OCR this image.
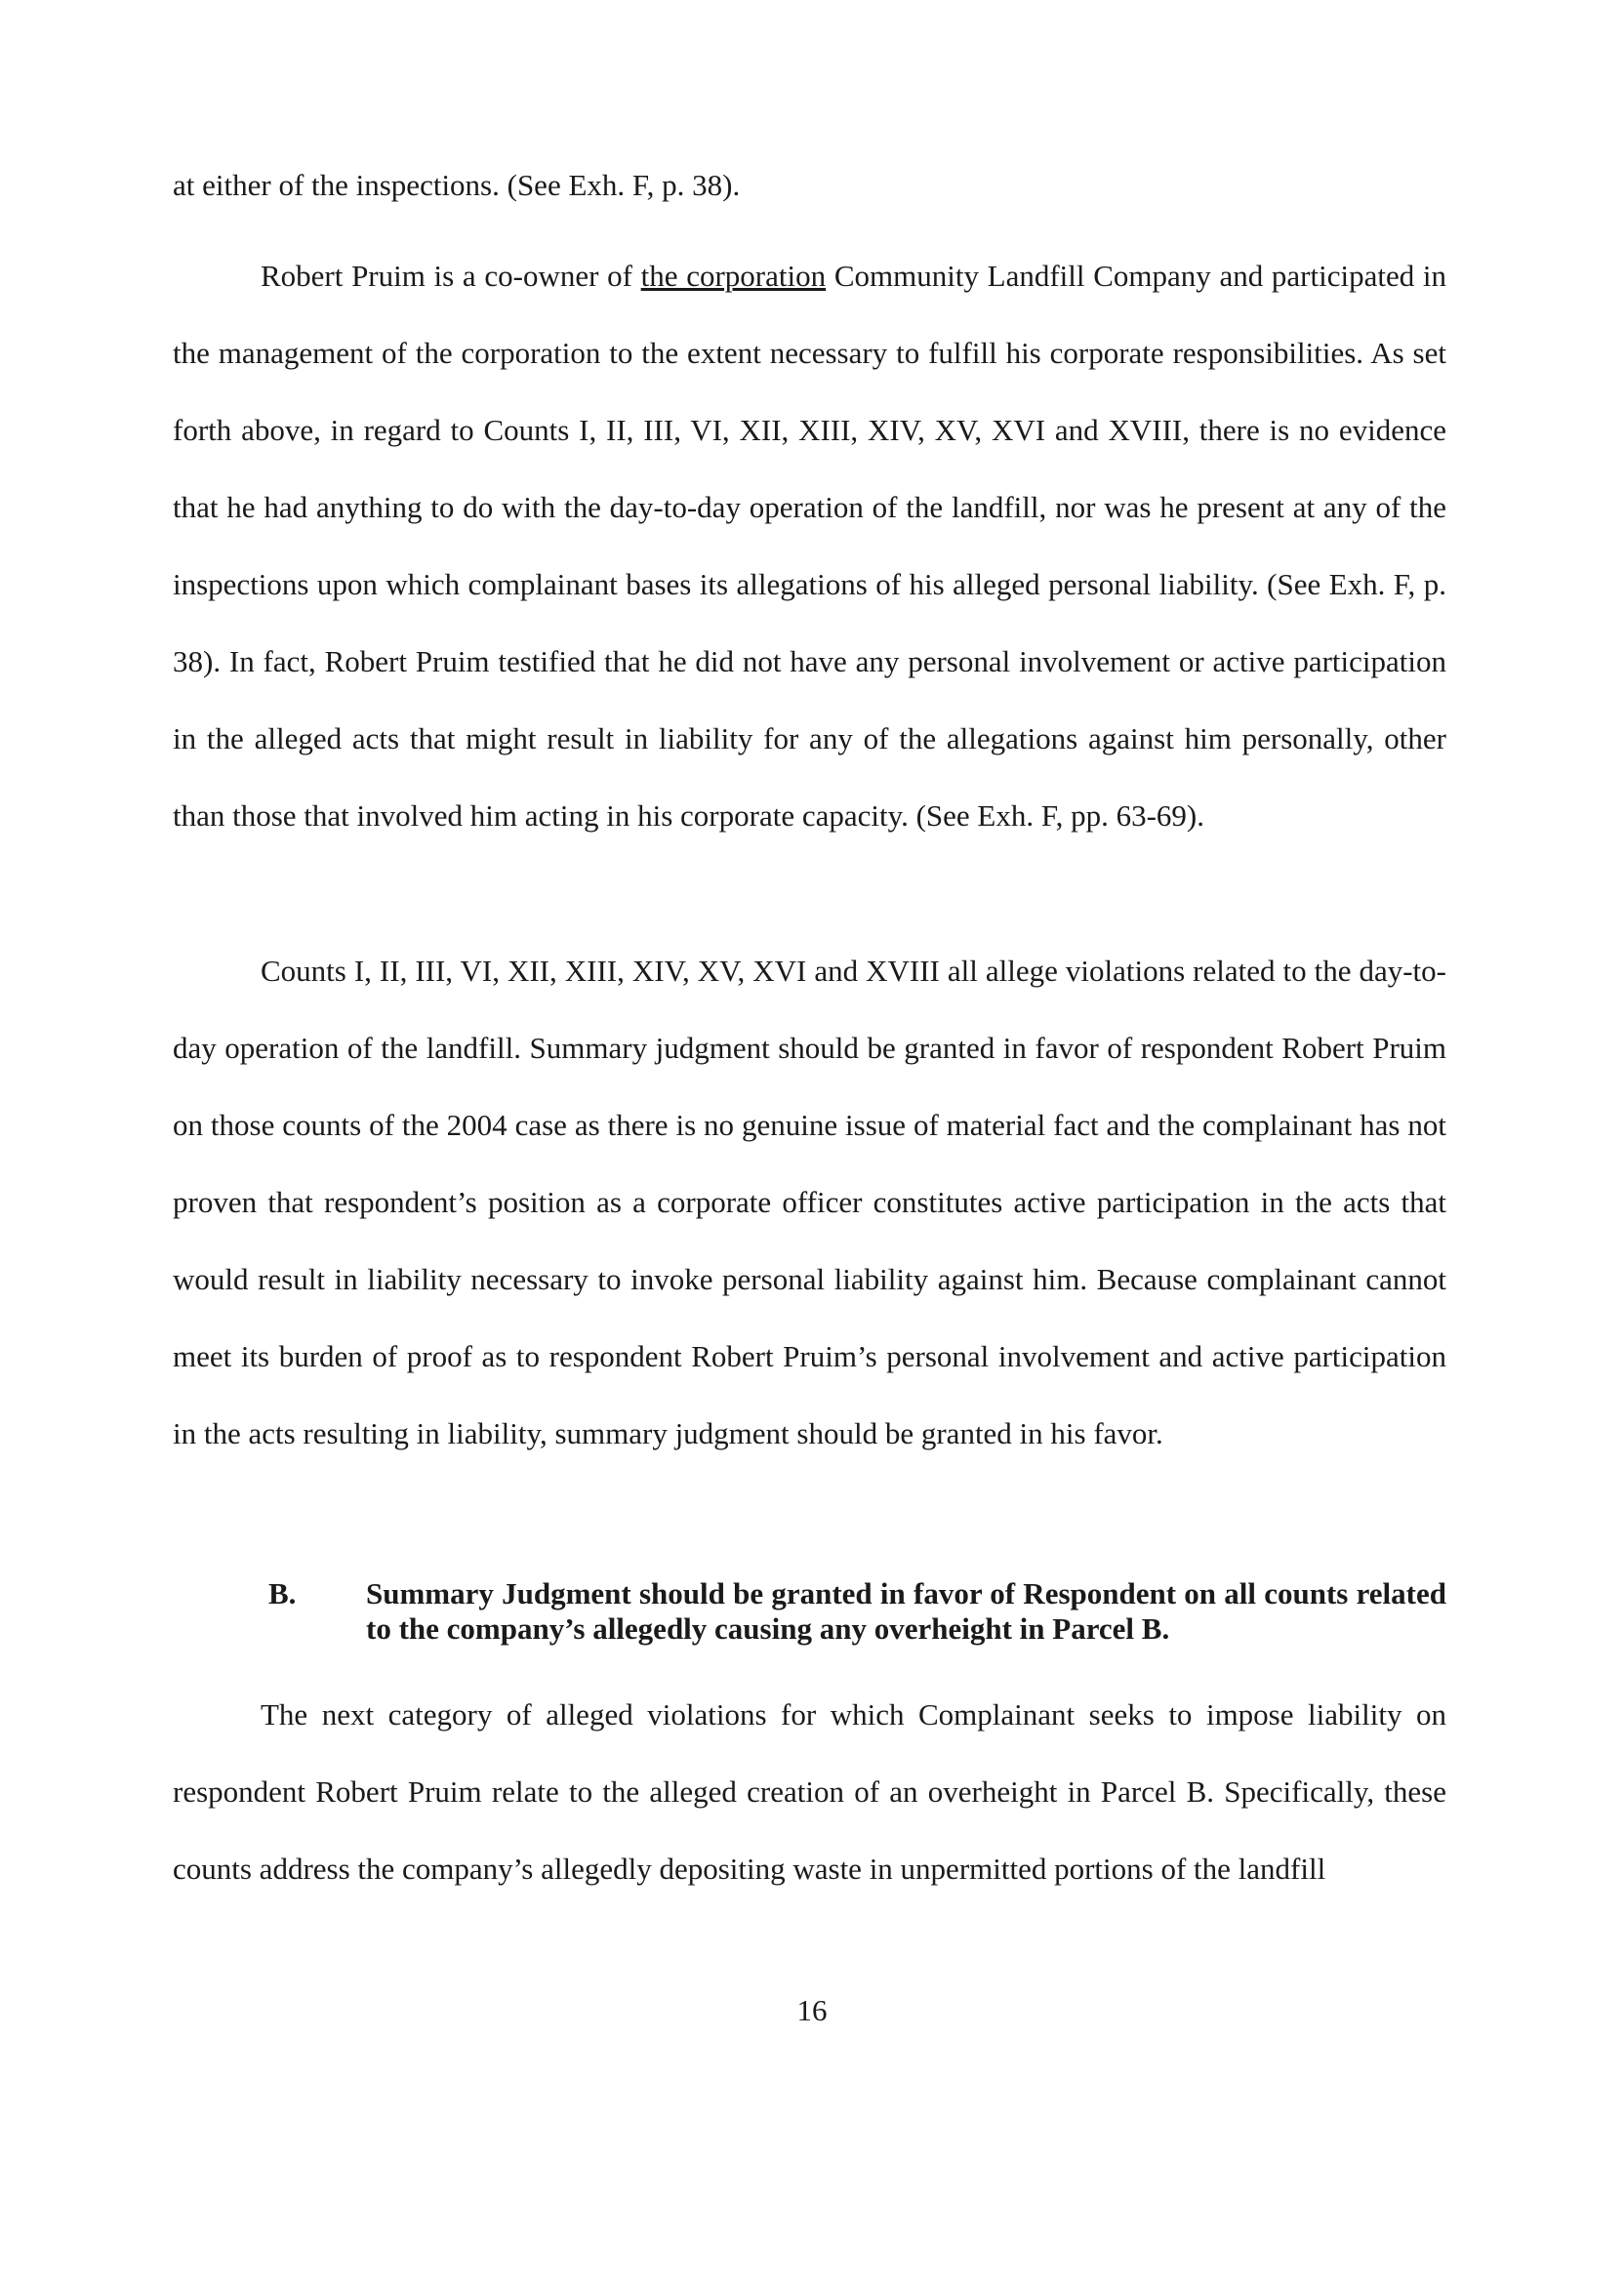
at either of the inspections. (See Exh. F, p. 38).

Robert Pruim is a co-owner of the corporation Community Landfill Company and participated in the management of the corporation to the extent necessary to fulfill his corporate responsibilities. As set forth above, in regard to Counts I, II, III, VI, XII, XIII, XIV, XV, XVI and XVIII, there is no evidence that he had anything to do with the day-to-day operation of the landfill, nor was he present at any of the inspections upon which complainant bases its allegations of his alleged personal liability. (See Exh. F, p. 38). In fact, Robert Pruim testified that he did not have any personal involvement or active participation in the alleged acts that might result in liability for any of the allegations against him personally, other than those that involved him acting in his corporate capacity. (See Exh. F, pp. 63-69).

Counts I, II, III, VI, XII, XIII, XIV, XV, XVI and XVIII all allege violations related to the day-to-day operation of the landfill. Summary judgment should be granted in favor of respondent Robert Pruim on those counts of the 2004 case as there is no genuine issue of material fact and the complainant has not proven that respondent’s position as a corporate officer constitutes active participation in the acts that would result in liability necessary to invoke personal liability against him. Because complainant cannot meet its burden of proof as to respondent Robert Pruim’s personal involvement and active participation in the acts resulting in liability, summary judgment should be granted in his favor.

B. Summary Judgment should be granted in favor of Respondent on all counts related to the company’s allegedly causing any overheight in Parcel B.

The next category of alleged violations for which Complainant seeks to impose liability on respondent Robert Pruim relate to the alleged creation of an overheight in Parcel B. Specifically, these counts address the company’s allegedly depositing waste in unpermitted portions of the landfill

16
